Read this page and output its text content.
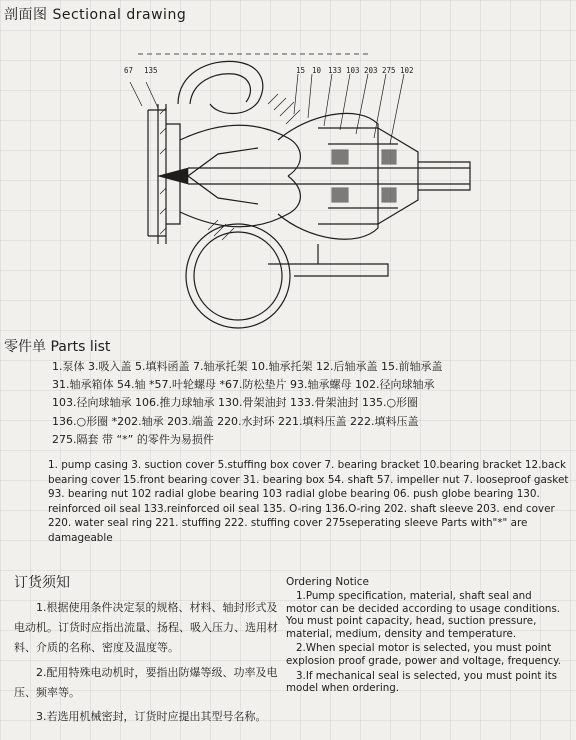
剖面图 Sectional drawing
67 135	15 10 133 103 203 275 102
零件单 Parts list
1.泵体 3.吸入盖 5.填料函盖 7.轴承托架 10.轴承托架 12.后轴承盖 15.前轴承盖
31.轴承箱体 54.轴 *57.叶轮螺母 *67.防松垫片 93.轴承螺母 102.径向球轴承
103.径向球轴承 106.推力球轴承 130.骨架油封 133.骨架油封 135.○形圈
136.○形圈 *202.轴承 203.端盖 220.水封环 221.填料压盖 222.填料压盖
275.隔套 带 “*” 的零件为易损件
1. pump casing 3. suction cover 5.stuffing box cover 7. bearing bracket 10.bearing bracket 12.back bearing cover 15.front bearing cover 31. bearing box 54. shaft 57. impeller nut 7. looseproof gasket 93. bearing nut 102 radial globe bearing 103 radial globe bearing 06. push globe bearing 130. reinforced oil seal 133.reinforced oil seal 135. O-ring 136.O-ring 202. shaft sleeve 203. end cover 220. water seal ring 221. stuffing 222. stuffing cover 275seperating sleeve Parts with"*" are damageable
订货须知

1.根据使用条件决定泵的规格、材料、轴封形式及电动机。订货时应指出流量、扬程、吸入压力、选用材料、介质的名称、密度及温度等。

2.配用特殊电动机时，要指出防爆等级、功率及电压、频率等。

3.若选用机械密封，订货时应提出其型号名称。

Ordering Notice

1.Pump specification, material, shaft seal and motor can be decided according to usage conditions. You must point capacity, head, suction pressure, material, medium, density and temperature.

2.When special motor is selected, you must point explosion proof grade, power and voltage, frequency.

3.If mechanical seal is selected, you must point its model when ordering.
